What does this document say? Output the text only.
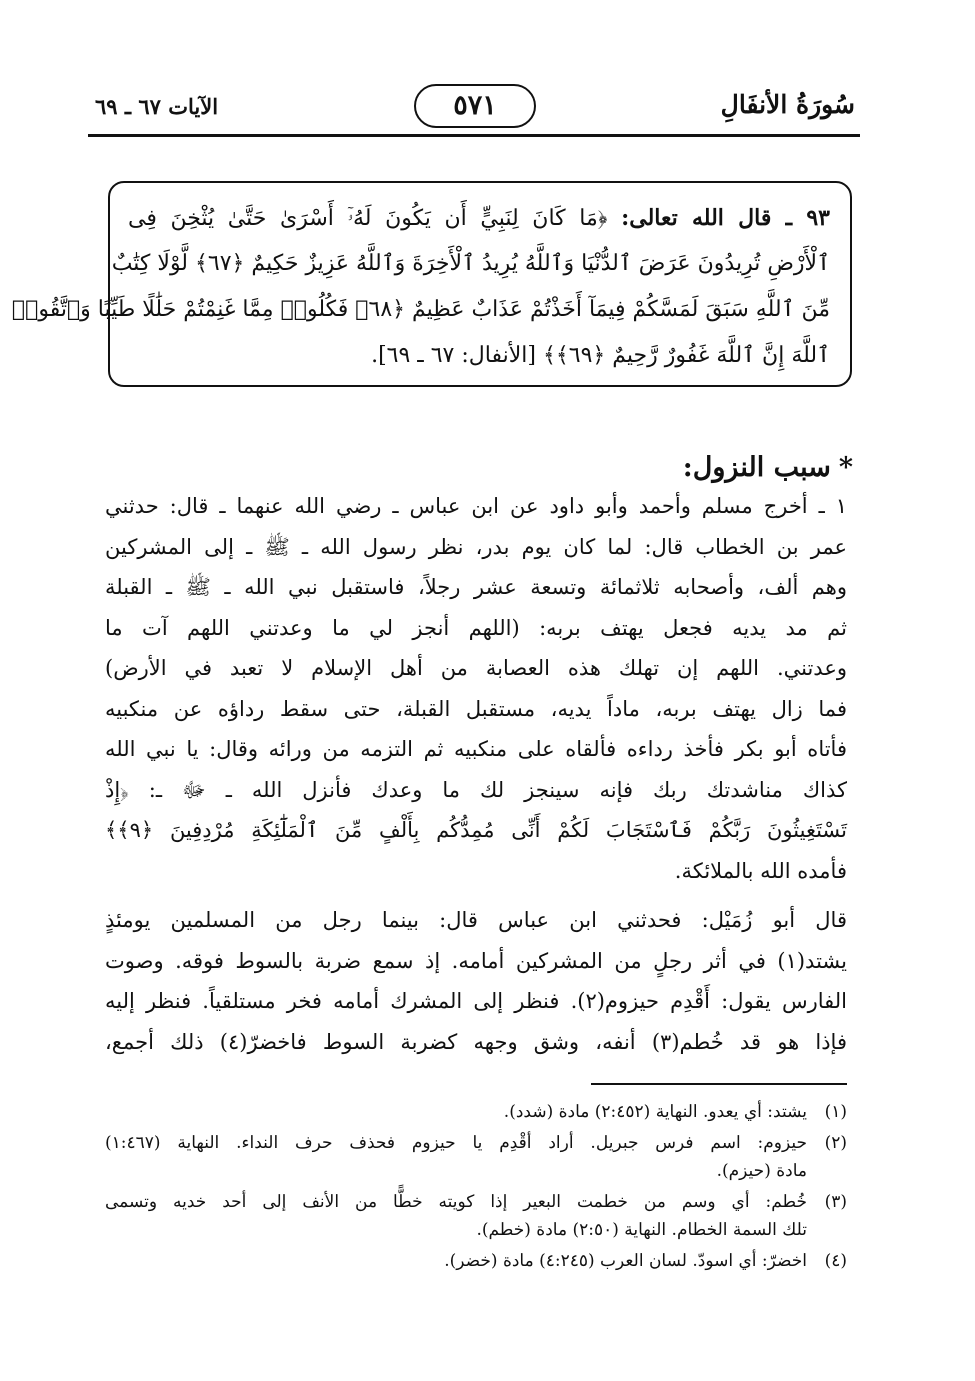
سُورَةُ الأنفَالِ
٥٧١
الآيات ٦٧ ـ ٦٩
٩٣ ـ قال الله تعالى: ﴿مَا كَانَ لِنَبِيٍّ أَن يَكُونَ لَهُۥٓ أَسْرَىٰ حَتَّىٰ يُثْخِنَ فِى
ٱلْأَرْضِ تُرِيدُونَ عَرَضَ ٱلدُّنْيَا وَٱللَّهُ يُرِيدُ ٱلْأَخِرَةَ وَٱللَّهُ عَزِيزٌ حَكِيمٌ ﴿٦٧﴾ لَّوْلَا كِتَٰبٌ
مِّنَ ٱللَّهِ سَبَقَ لَمَسَّكُمْ فِيمَآ أَخَذْتُمْ عَذَابٌ عَظِيمٌ ﴿٦٨﴾ فَكُلُوا۟ مِمَّا غَنِمْتُمْ حَلَٰلًا طَيِّبًا وَٱتَّقُوا۟
ٱللَّهَ إِنَّ ٱللَّهَ غَفُورٌ رَّحِيمٌ ﴿٦٩﴾﴾ [الأنفال: ٦٧ ـ ٦٩].
*سبب النزول:
١ ـ أخرج مسلم وأحمد وأبو داود عن ابن عباس ـ رضي الله عنهما ـ قال: حدثني
عمر بن الخطاب قال: لما كان يوم بدر، نظر رسول الله ـ ﷺ ـ إلى المشركين
وهم ألف، وأصحابه ثلاثمائة وتسعة عشر رجلاً، فاستقبل نبي الله ـ ﷺ ـ القبلة
ثم مد يديه فجعل يهتف بربه: (اللهم أنجز لي ما وعدتني اللهم آت ما
وعدتني. اللهم إن تهلك هذه العصابة من أهل الإسلام لا تعبد في الأرض)
فما زال يهتف بربه، ماداً يديه، مستقبل القبلة، حتى سقط رداؤه عن منكبيه
فأتاه أبو بكر فأخذ رداءه فألقاه على منكبيه ثم التزمه من ورائه وقال: يا نبي الله
كذاك مناشدتك ربك فإنه سينجز لك ما وعدك فأنزل الله ـ ﷻ ـ: ﴿إِذْ
تَسْتَغِيثُونَ رَبَّكُمْ فَٱسْتَجَابَ لَكُمْ أَنِّى مُمِدُّكُم بِأَلْفٍ مِّنَ ٱلْمَلَٰٓئِكَةِ مُرْدِفِينَ ﴿٩﴾﴾
فأمده الله بالملائكة.
قال أبو زُمَيْل: فحدثني ابن عباس قال: بينما رجل من المسلمين يومئذٍ
يشتد(١) في أثر رجلٍ من المشركين أمامه. إذ سمع ضربة بالسوط فوقه. وصوت
الفارس يقول: أَقْدِم حيزوم(٢). فنظر إلى المشرك أمامه فخر مستلقياً. فنظر إليه
فإذا هو قد خُطم(٣) أنفه، وشق وجهه كضربة السوط فاخضرّ(٤) ذلك أجمع،
(١)
يشتد: أي يعدو. النهاية (٢:٤٥٢) مادة (شدد).
(٢)
حيزوم: اسم فرس جبريل. أراد أقْدِم يا حيزوم فحذف حرف النداء. النهاية (١:٤٦٧)
مادة (حيزم).
(٣)
خُطم: أي وسم من خطمت البعير إذا كويته خطًّا من الأنف إلى أحد خديه وتسمى
تلك السمة الخطام. النهاية (٢:٥٠) مادة (خطم).
(٤)
اخضرّ: أي اسودّ. لسان العرب (٤:٢٤٥) مادة (خضر).
